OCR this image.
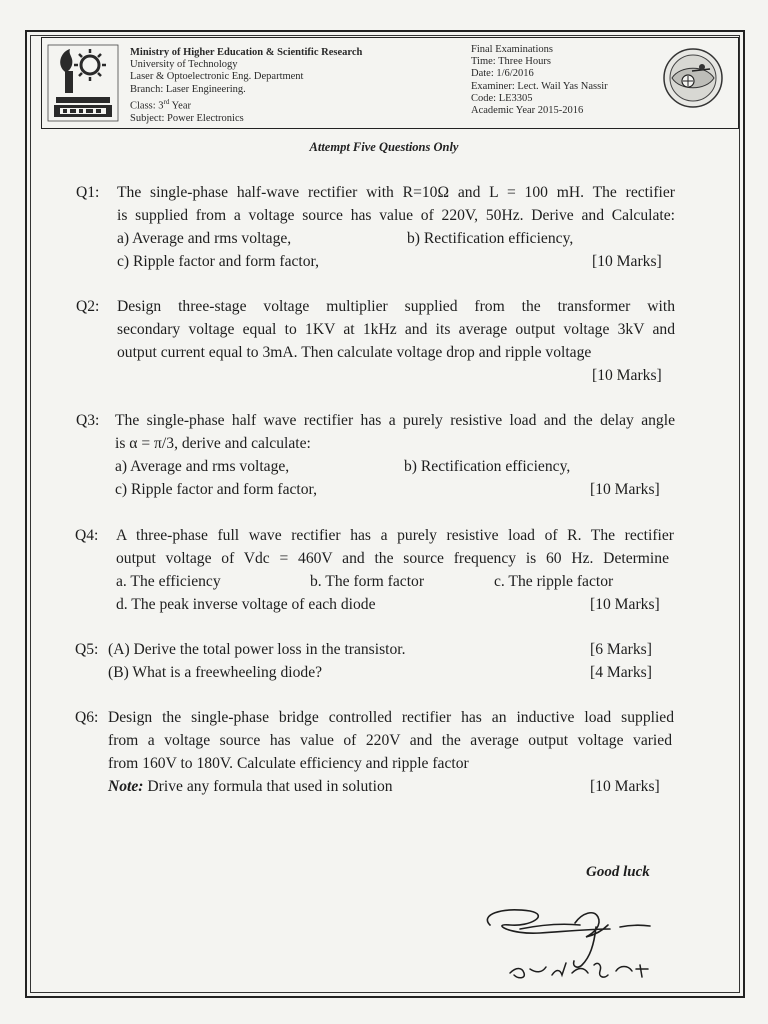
Ministry of Higher Education & Scientific Research
University of Technology
Laser & Optoelectronic Eng. Department
Branch: Laser Engineering.
Class: 3rd Year
Subject: Power Electronics
Final Examinations
Time: Three Hours
Date: 1/6/2016
Examiner: Lect. Wail Yas Nassir
Code: LE3305
Academic Year 2015-2016
Attempt Five Questions Only
Q1: The single-phase half-wave rectifier with R=10Ω and L = 100 mH. The rectifier
is supplied from a voltage source has value of 220V, 50Hz. Derive and Calculate:
a) Average and rms voltage,	b) Rectification efficiency,
c) Ripple factor and form factor,	[10 Marks]
Q2: Design three-stage voltage multiplier supplied from the transformer with
secondary voltage equal to 1KV at 1kHz and its average output voltage 3kV and
output current equal to 3mA. Then calculate voltage drop and ripple voltage
[10 Marks]
Q3: The single-phase half wave rectifier has a purely resistive load and the delay angle
is α = π/3, derive and calculate:
a) Average and rms voltage,	b) Rectification efficiency,
c) Ripple factor and form factor,	[10 Marks]
Q4: A three-phase full wave rectifier has a purely resistive load of R. The rectifier
output voltage of Vdc = 460V and the source frequency is 60 Hz. Determine
a. The efficiency	b. The form factor	c. The ripple factor
d. The peak inverse voltage of each diode	[10 Marks]
Q5: (A) Derive the total power loss in the transistor.	[6 Marks]
(B) What is a freewheeling diode?	[4 Marks]
Q6: Design the single-phase bridge controlled rectifier has an inductive load supplied
from a voltage source has value of 220V and the average output voltage varied
from 160V to 180V. Calculate efficiency and ripple factor
Note: Drive any formula that used in solution	[10 Marks]
Good luck
